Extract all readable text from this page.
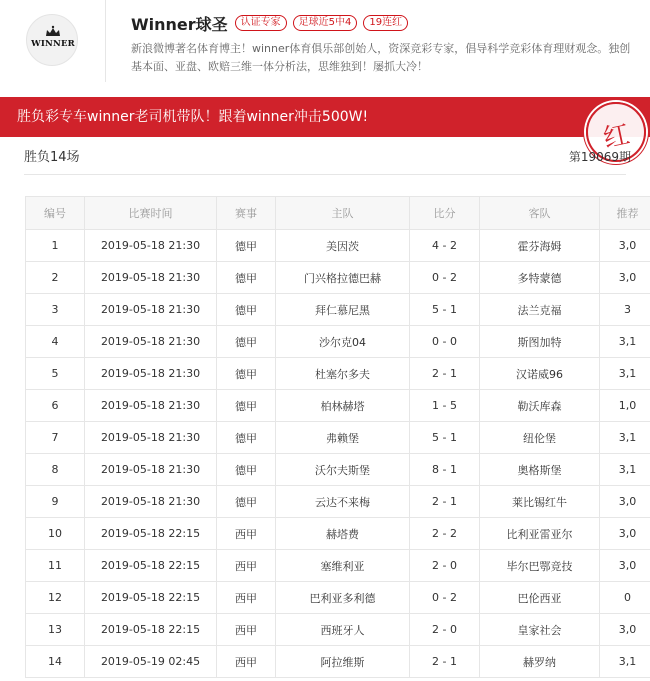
WINNER
Winner球圣	认证专家	足球近5中4	19连红
新浪微博著名体育博主！winner体育俱乐部创始人，资深竞彩专家，倡导科学竞彩体育理财观念。独创基本面、亚盘、欧赔三维一体分析法，思维独到！屡抓大冷！
胜负彩专车winner老司机带队！跟着winner冲击500W!
红
胜负14场	第19069期
编号	比赛时间	赛事	主队	比分	客队	推荐
1	2019-05-18 21:30	德甲	美因茨	4 - 2	霍芬海姆	3,0
2	2019-05-18 21:30	德甲	门兴格拉德巴赫	0 - 2	多特蒙德	3,0
3	2019-05-18 21:30	德甲	拜仁慕尼黑	5 - 1	法兰克福	3
4	2019-05-18 21:30	德甲	沙尔克04	0 - 0	斯图加特	3,1
5	2019-05-18 21:30	德甲	杜塞尔多夫	2 - 1	汉诺威96	3,1
6	2019-05-18 21:30	德甲	柏林赫塔	1 - 5	勒沃库森	1,0
7	2019-05-18 21:30	德甲	弗赖堡	5 - 1	纽伦堡	3,1
8	2019-05-18 21:30	德甲	沃尔夫斯堡	8 - 1	奥格斯堡	3,1
9	2019-05-18 21:30	德甲	云达不来梅	2 - 1	莱比锡红牛	3,0
10	2019-05-18 22:15	西甲	赫塔费	2 - 2	比利亚雷亚尔	3,0
11	2019-05-18 22:15	西甲	塞维利亚	2 - 0	毕尔巴鄂竞技	3,0
12	2019-05-18 22:15	西甲	巴利亚多利德	0 - 2	巴伦西亚	0
13	2019-05-18 22:15	西甲	西班牙人	2 - 0	皇家社会	3,0
14	2019-05-19 02:45	西甲	阿拉维斯	2 - 1	赫罗纳	3,1
